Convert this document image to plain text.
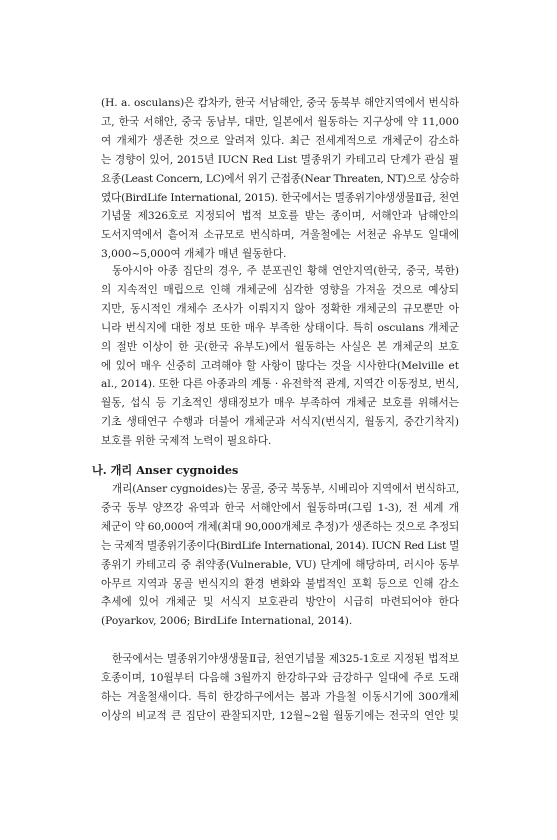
(H. a. osculans)은 캄차카, 한국 서남해안, 중국 동북부 해안지역에서 번식하
고, 한국 서해안, 중국 동남부, 대만, 일본에서 월동하는 지구상에 약 11,000
여 개체가 생존한 것으로 알려져 있다. 최근 전세계적으로 개체군이 감소하
는 경향이 있어, 2015년 IUCN Red List 멸종위기 카테고리 단계가 관심 필
요종(Least Concern, LC)에서 위기 근접종(Near Threaten, NT)으로 상승하
였다(BirdLife International, 2015). 한국에서는 멸종위기야생생물Ⅱ급, 천연
기념물 제326호로 지정되어 법적 보호를 받는 종이며, 서해안과 남해안의
도서지역에서 흩어져 소규모로 번식하며, 겨울철에는 서천군 유부도 일대에
3,000~5,000여 개체가 매년 월동한다.
동아시아 아종 집단의 경우, 주 분포권인 황해 연안지역(한국, 중국, 북한)
의 지속적인 매립으로 인해 개체군에 심각한 영향을 가져올 것으로 예상되
지만, 동시적인 개체수 조사가 이뤄지지 않아 정확한 개체군의 규모뿐만 아
니라 번식지에 대한 정보 또한 매우 부족한 상태이다. 특히 osculans 개체군
의 절반 이상이 한 곳(한국 유부도)에서 월동하는 사실은 본 개체군의 보호
에 있어 매우 신중히 고려해야 할 사항이 많다는 것을 시사한다(Melville et
al., 2014). 또한 다른 아종과의 계통 · 유전학적 관계, 지역간 이동정보, 번식,
월동, 섭식 등 기초적인 생태정보가 매우 부족하여 개체군 보호를 위해서는
기초 생태연구 수행과 더불어 개체군과 서식지(번식지, 월동지, 중간기착지)
보호를 위한 국제적 노력이 필요하다.
나. 개리 Anser cygnoides
개리(Anser cygnoides)는 몽골, 중국 북동부, 시베리아 지역에서 번식하고,
중국 동부 양쯔강 유역과 한국 서해안에서 월동하며(그림 1-3), 전 세계 개
체군이 약 60,000여 개체(최대 90,000개체로 추정)가 생존하는 것으로 추정되
는 국제적 멸종위기종이다(BirdLife International, 2014). IUCN Red List 멸
종위기 카테고리 중 취약종(Vulnerable, VU) 단계에 해당하며, 러시아 동부
아무르 지역과 몽골 번식지의 환경 변화와 불법적인 포획 등으로 인해 감소
추세에 있어 개체군 및 서식지 보호관리 방안이 시급히 마련되어야 한다
(Poyarkov, 2006; BirdLife International, 2014).
한국에서는 멸종위기야생생물Ⅱ급, 천연기념물 제325-1호로 지정된 법적보
호종이며, 10월부터 다음해 3월까지 한강하구와 금강하구 일대에 주로 도래
하는 겨울철새이다. 특히 한강하구에서는 봄과 가을철 이동시기에 300개체
이상의 비교적 큰 집단이 관찰되지만, 12월~2월 월동기에는 전국의 연안 및
